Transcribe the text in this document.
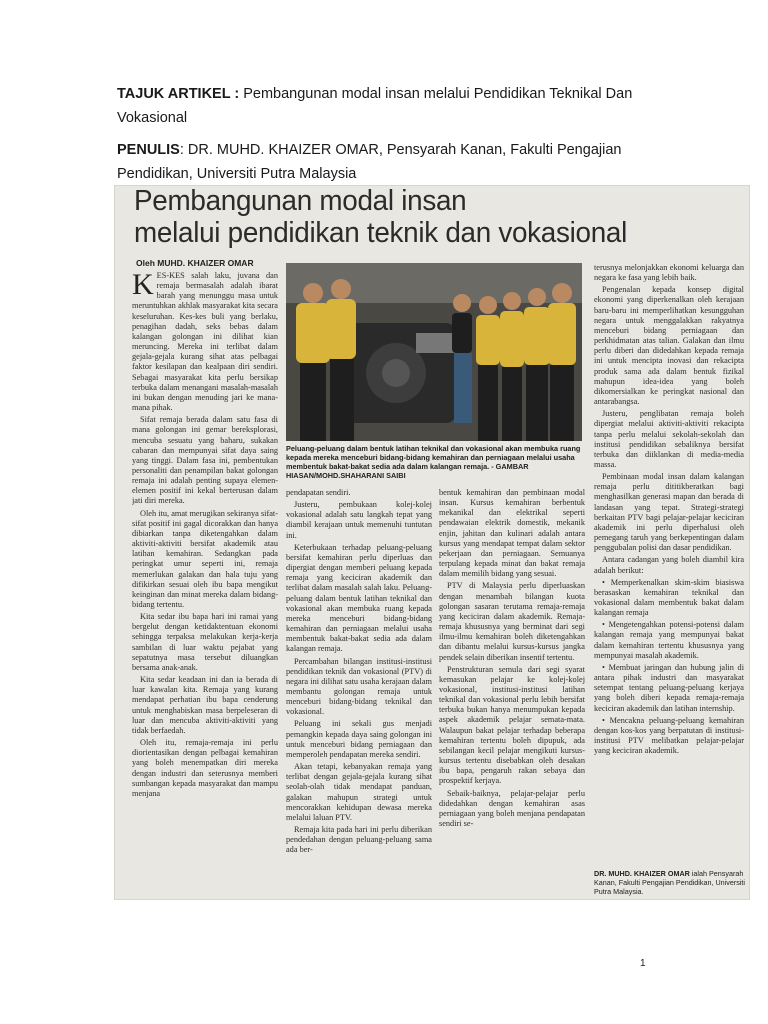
TAJUK ARTIKEL : Pembangunan modal insan melalui Pendidikan Teknikal Dan Vokasional
PENULIS: DR. MUHD. KHAIZER OMAR, Pensyarah Kanan, Fakulti Pengajian Pendidikan, Universiti Putra Malaysia
Pembangunan modal insan
melalui pendidikan teknik dan vokasional
Oleh MUHD. KHAIZER OMAR

KES-KES salah laku, juvana dan remaja bermasalah adalah ibarat barah yang menunggu masa untuk meruntuhkan akhlak masyarakat kita secara keseluruhan. Kes-kes buli yang berlaku, penagihan dadah, seks bebas dalam kalangan golongan ini dilihat kian meruncing. Mereka ini terlibat dalam gejala-gejala kurang sihat atas pelbagai faktor kesilapan dan kealpaan diri sendiri. Sebagai masyarakat kita perlu bersikap terbuka dalam menangani masalah-masalah ini bukan dengan menuding jari ke mana-mana pihak.

Sifat remaja berada dalam satu fasa di mana golongan ini gemar bereksplorasi, mencuba sesuatu yang baharu, sukakan cabaran dan mempunyai sifat daya saing yang tinggi. Dalam fasa ini, pembentukan personaliti dan penampilan bakat golongan remaja ini adalah penting supaya elemen-elemen positif ini kekal berterusan dalam jati diri mereka.

Oleh itu, amat merugikan sekiranya sifat-sifat positif ini gagal dicorakkan dan hanya dibiarkan tanpa diketengahkan dalam aktiviti-aktiviti bersifat akademik atau latihan kemahiran. Sedangkan pada peringkat umur seperti ini, remaja memerlukan galakan dan hala tuju yang difikirkan sesuai oleh ibu bapa mengikut keinginan dan minat mereka dalam bidang-bidang tertentu.

Kita sedar ibu bapa hari ini ramai yang bergelut dengan ketidaktentuan ekonomi sehingga terpaksa melakukan kerja-kerja sambilan di luar waktu pejabat yang sepatutnya masa tersebut diluangkan bersama anak-anak.

Kita sedar keadaan ini dan ia berada di luar kawalan kita. Remaja yang kurang mendapat perhatian ibu bapa cenderung untuk menghabiskan masa berpeleseran di luar dan mencuba aktiviti-aktiviti yang tidak berfaedah.

Oleh itu, remaja-remaja ini perlu diorientasikan dengan pelbagai kemahiran yang boleh menempatkan diri mereka dengan industri dan seterusnya memberi sumbangan kepada masyarakat dan mampu menjana

Peluang-peluang dalam bentuk latihan teknikal dan vokasional akan membuka ruang kepada mereka menceburi bidang-bidang kemahiran dan perniagaan melalui usaha membentuk bakat-bakat sedia ada dalam kalangan remaja. - GAMBAR HIASAN/MOHD.SHAHARANI SAIBI

pendapatan sendiri.

Justeru, pembukaan kolej-kolej vokasional adalah satu langkah tepat yang diambil kerajaan untuk memenuhi tuntutan ini.

Keterbukaan terhadap peluang-peluang bersifat kemahiran perlu diperluas dan dipergiat dengan memberi peluang kepada remaja yang keciciran akademik dan terlibat dalam masalah salah laku. Peluang-peluang dalam bentuk latihan teknikal dan vokasional akan membuka ruang kepada mereka menceburi bidang-bidang kemahiran dan perniagaan melalui usaha membentuk bakat-bakat sedia ada dalam kalangan remaja.

Percambahan bilangan institusi-institusi pendidikan teknik dan vokasional (PTV) di negara ini dilihat satu usaha kerajaan dalam membantu golongan remaja untuk menceburi bidang-bidang teknikal dan vokasional.

Peluang ini sekali gus menjadi pemangkin kepada daya saing golongan ini untuk menceburi bidang perniagaan dan memperoleh pendapatan mereka sendiri.

Akan tetapi, kebanyakan remaja yang terlibat dengan gejala-gejala kurang sihat seolah-olah tidak mendapat panduan, galakan mahupun strategi untuk mencorakkan kehidupan dewasa mereka melalui laluan PTV.

Remaja kita pada hari ini perlu diberikan pendedahan dengan peluang-peluang sama ada ber-

bentuk kemahiran dan pembinaan modal insan. Kursus kemahiran berbentuk mekanikal dan elektrikal seperti pendawaian elektrik domestik, mekanik enjin, jahitan dan kulinari adalah antara kursus yang mendapat tempat dalam sektor pekerjaan dan perniagaan. Semuanya terpulang kepada minat dan bakat remaja dalam memilih bidang yang sesuai.

PTV di Malaysia perlu diperluaskan dengan menambah bilangan kuota golongan sasaran terutama remaja-remaja yang keciciran dalam akademik. Remaja-remaja khususnya yang berminat dari segi ilmu-ilmu kemahiran boleh diketengahkan dan dibantu melalui kursus-kursus jangka pendek selain diberikan insentif tertentu.

Penstrukturan semula dari segi syarat kemasukan pelajar ke kolej-kolej vokasional, institusi-institusi latihan teknikal dan vokasional perlu lebih bersifat terbuka bukan hanya menumpukan kepada aspek akademik pelajar semata-mata. Walaupun bakat pelajar terhadap beberapa kemahiran tertentu boleh dipupuk, ada sebilangan kecil pelajar mengikuti kursus-kursus tertentu disebabkan oleh desakan ibu bapa, pengaruh rakan sebaya dan prospektif kerjaya.

Sebaik-baiknya, pelajar-pelajar perlu didedahkan dengan kemahiran asas perniagaan yang boleh menjana pendapatan sendiri se-

terusnya melonjakkan ekonomi keluarga dan negara ke fasa yang lebih baik.

Pengenalan kepada konsep digital ekonomi yang diperkenalkan oleh kerajaan baru-baru ini memperlihatkan kesungguhan negara untuk menggalakkan rakyatnya menceburi bidang perniagaan dan perkhidmatan atas talian. Galakan dan ilmu perlu diberi dan didedahkan kepada remaja ini untuk mencipta inovasi dan rekacipta produk sama ada dalam bentuk fizikal mahupun idea-idea yang boleh dikomersialkan ke peringkat nasional dan antarabangsa.

Justeru, penglibatan remaja boleh dipergiat melalui aktiviti-aktiviti rekacipta tanpa perlu melalui sekolah-sekolah dan institusi pendidikan sebaliknya bersifat terbuka dan diiklankan di media-media massa.

Pembinaan modal insan dalam kalangan remaja perlu dititikberatkan bagi menghasilkan generasi mapan dan berada di landasan yang tepat. Strategi-strategi berkaitan PTV bagi pelajar-pelajar keciciran akademik ini perlu diperhalusi oleh pemegang taruh yang berkepentingan dalam penggubalan polisi dan dasar pendidikan.

Antara cadangan yang boleh diambil kira adalah berikut:

• Memperkenalkan skim-skim biasiswa berasaskan kemahiran teknikal dan vokasional dalam membentuk bakat dalam kalangan remaja

• Mengetengahkan potensi-potensi dalam kalangan remaja yang mempunyai bakat dalam kemahiran tertentu khususnya yang mempunyai masalah akademik.

• Membuat jaringan dan hubung jalin di antara pihak industri dan masyarakat setempat tentang peluang-peluang kerjaya yang boleh diberi kepada remaja-remaja keciciran akademik dan latihan internship.

• Mencakna peluang-peluang kemahiran dengan kos-kos yang berpatutan di institusi-institusi PTV melibatkan pelajar-pelajar yang keciciran akademik.

DR. MUHD. KHAIZER OMAR ialah Pensyarah Kanan, Fakulti Pengajian Pendidikan, Universiti Putra Malaysia.
1
